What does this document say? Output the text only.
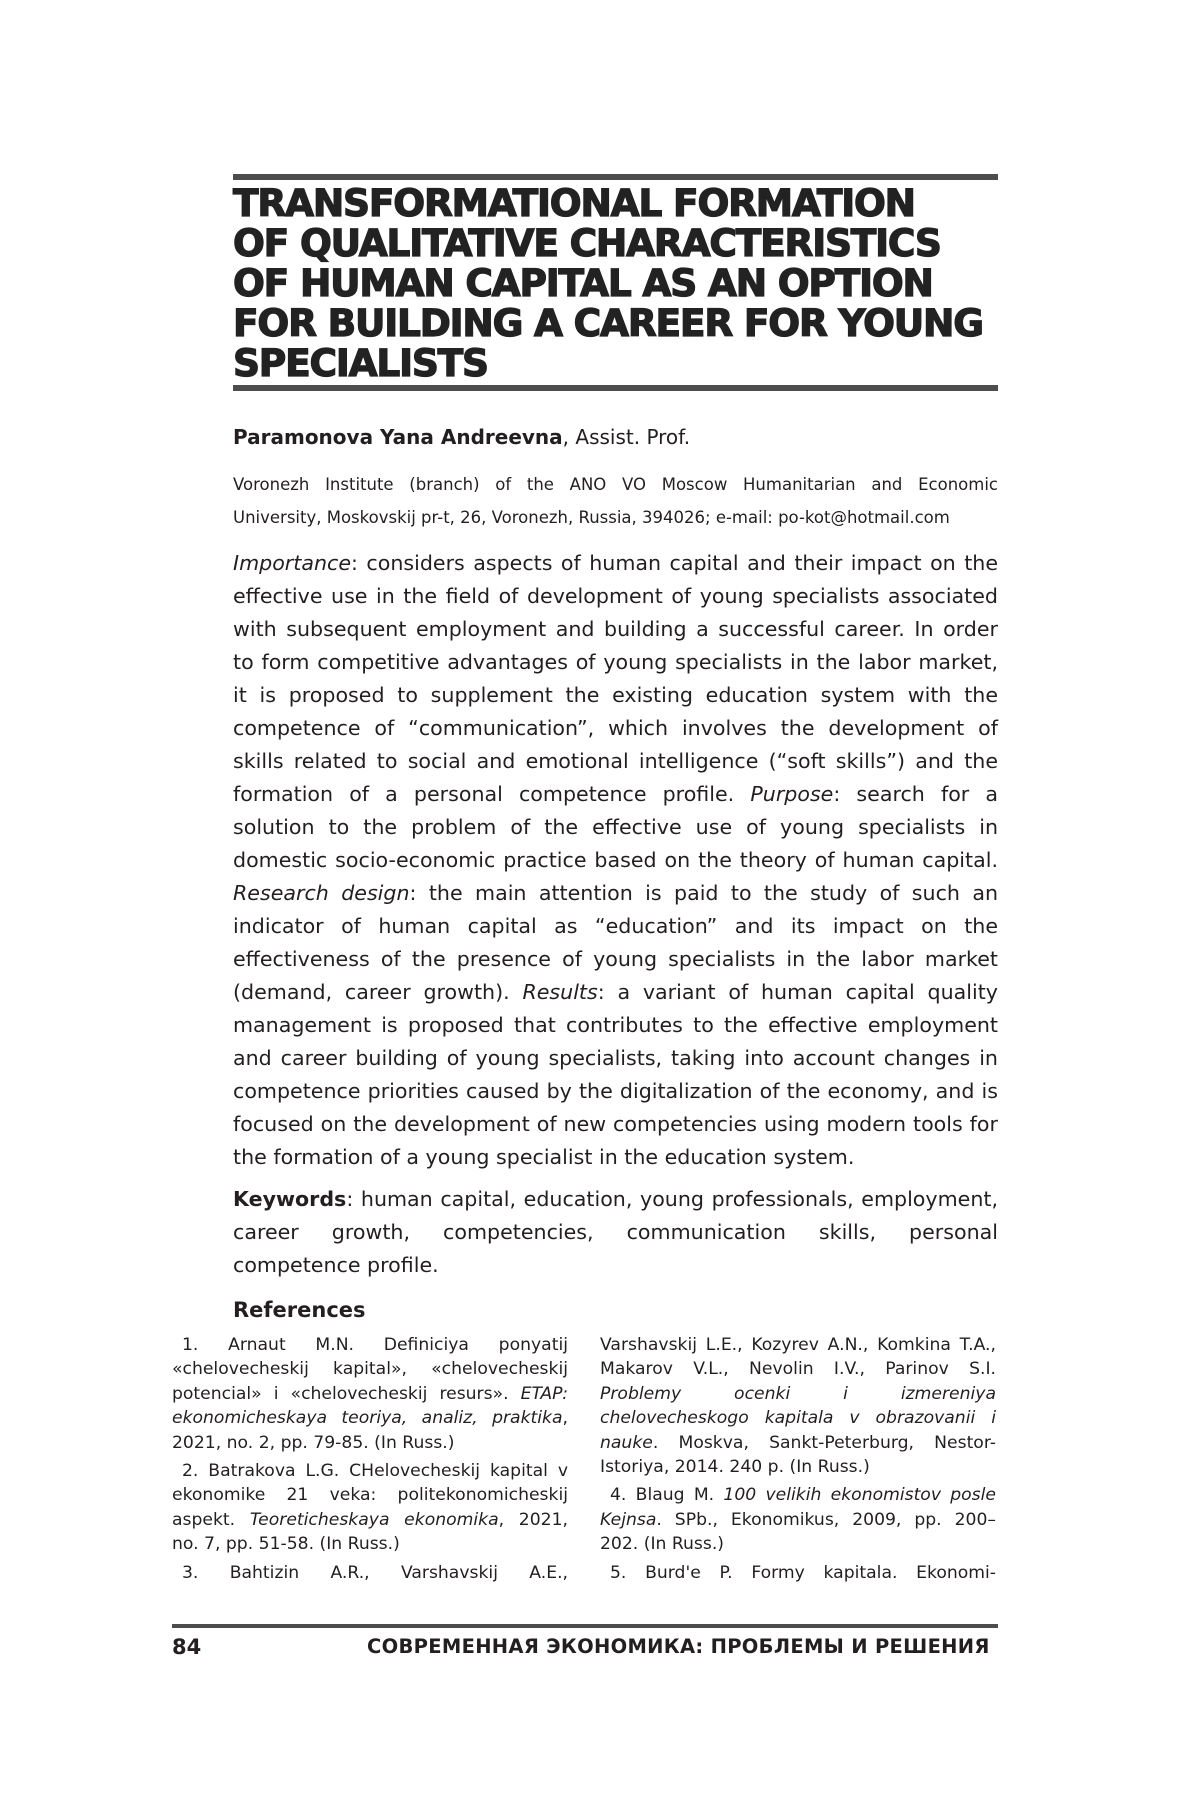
TRANSFORMATIONAL FORMATION
OF QUALITATIVE CHARACTERISTICS
OF HUMAN CAPITAL AS AN OPTION
FOR BUILDING A CAREER FOR YOUNG
SPECIALISTS
Paramonova Yana Andreevna, Assist. Prof.
Voronezh Institute (branch) of the ANO VO Moscow Humanitarian and Economic
University, Moskovskij pr-t, 26, Voronezh, Russia, 394026; e-mail: po-kot@hotmail.com
Importance: considers aspects of human capital and their impact on the effective use in the field of development of young specialists associated with subsequent employment and building a successful career. In order to form competitive advantages of young specialists in the labor market, it is proposed to supplement the existing education system with the competence of “communication”, which involves the development of skills related to social and emotional intelligence (“soft skills”) and the formation of a personal competence profile. Purpose: search for a solution to the problem of the effective use of young specialists in domestic socio-economic practice based on the theory of human capital. Research design: the main attention is paid to the study of such an indicator of human capital as “education” and its impact on the effectiveness of the presence of young specialists in the labor market (demand, career growth). Results: a variant of human capital quality management is proposed that contributes to the effective employment and career building of young specialists, taking into account changes in competence priorities caused by the digitalization of the economy, and is focused on the development of new competencies using modern tools for the formation of a young specialist in the education system.
Keywords: human capital, education, young professionals, employment, career growth, competencies, communication skills, personal competence profile.
References

1. Arnaut M.N. Definiciya ponyatij «chelovecheskij kapital», «chelovecheskij potencial» i «chelovecheskij resurs». ETAP: ekonomicheskaya teoriya, analiz, praktika, 2021, no. 2, pp. 79-85. (In Russ.)

2. Batrakova L.G. CHelovecheskij kapital v ekonomike 21 veka: politekonomicheskij aspekt. Teoreticheskaya ekonomika, 2021, no. 7, pp. 51-58. (In Russ.)

3. Bahtizin A.R., Varshavskij A.E.,

Varshavskij L.E., Kozyrev A.N., Komkina T.A., Makarov V.L., Nevolin I.V., Parinov S.I. Problemy ocenki i izmereniya chelovecheskogo kapitala v obrazovanii i nauke. Moskva, Sankt-Peterburg, Nestor-Istoriya, 2014. 240 p. (In Russ.)

4. Blaug M. 100 velikih ekonomistov posle Kejnsa. SPb., Ekonomikus, 2009, pp. 200–202. (In Russ.)

5. Burd'e P. Formy kapitala. Ekonomi-

84	СОВРЕМЕННАЯ ЭКОНОМИКА: ПРОБЛЕМЫ И РЕШЕНИЯ
